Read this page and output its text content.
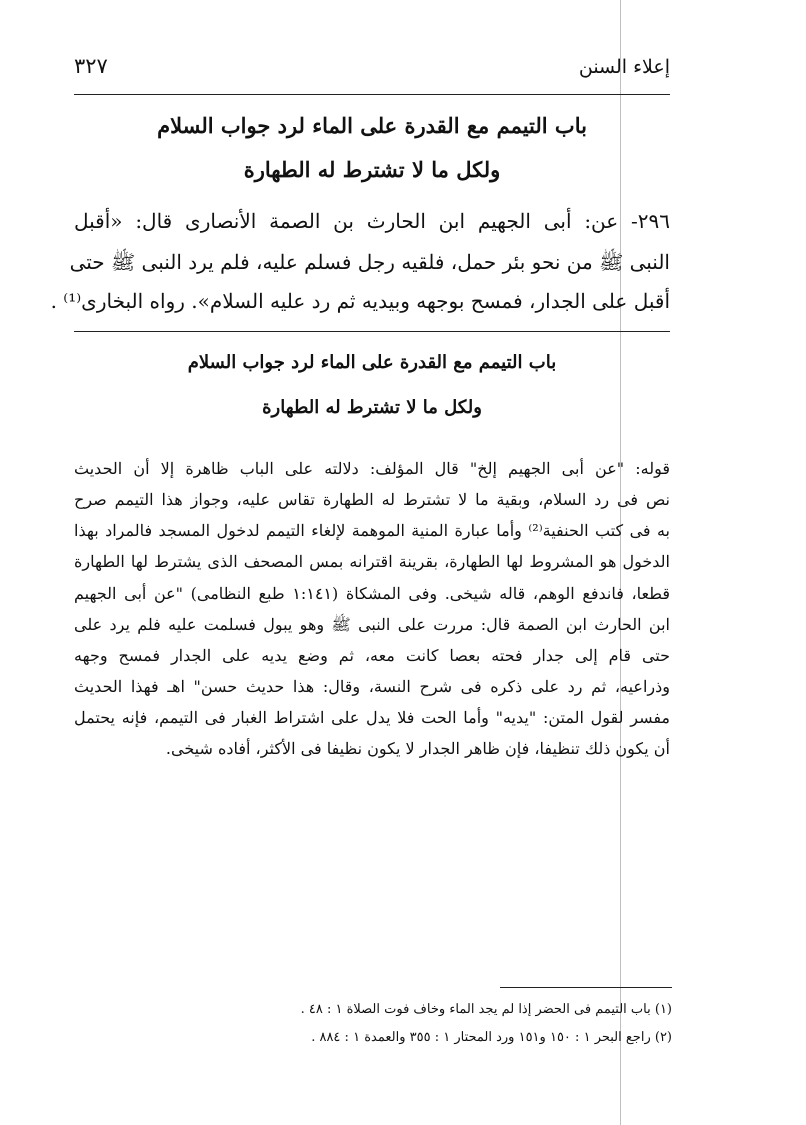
إعلاء السنن
٣٢٧
باب التيمم مع القدرة على الماء لرد جواب السلام
ولكل ما لا تشترط له الطهارة
٢٩٦- عن: أبى الجهيم ابن الحارث بن الصمة الأنصارى قال: «أقبل
النبى ﷺ من نحو بئر حمل، فلقيه رجل فسلم عليه، فلم يرد النبى ﷺ حتى
أقبل على الجدار، فمسح بوجهه وبيديه ثم رد عليه السلام». رواه البخارى⁽¹⁾ .
باب التيمم مع القدرة على الماء لرد جواب السلام
ولكل ما لا تشترط له الطهارة
قوله: "عن أبى الجهيم إلخ" قال المؤلف: دلالته على الباب ظاهرة إلا أن الحديث
نص فى رد السلام، وبقية ما لا تشترط له الطهارة تقاس عليه، وجواز هذا التيمم صرح
به فى كتب الحنفية⁽²⁾ وأما عبارة المنية الموهمة لإلغاء التيمم لدخول المسجد فالمراد بهذا
الدخول هو المشروط لها الطهارة، بقرينة اقترانه بمس المصحف الذى يشترط لها الطهارة
قطعا، فاندفع الوهم، قاله شيخى. وفى المشكاة (١:١٤١ طبع النظامى) "عن أبى الجهيم
ابن الحارث ابن الصمة قال: مررت على النبى ﷺ وهو يبول فسلمت عليه فلم يرد على
حتى قام إلى جدار فحته بعصا كانت معه، ثم وضع يديه على الجدار فمسح وجهه
وذراعيه، ثم رد على ذكره فى شرح النسة، وقال: هذا حديث حسن" اهـ فهذا الحديث
مفسر لقول المتن: "يديه" وأما الحت فلا يدل على اشتراط الغبار فى التيمم، فإنه يحتمل
أن يكون ذلك تنظيفا، فإن ظاهر الجدار لا يكون نظيفا فى الأكثر، أفاده شيخى.
(١) باب التيمم فى الحضر إذا لم يجد الماء وخاف فوت الصلاة ١ : ٤٨ .
(٢) راجع البحر ١ : ١٥٠ و١٥١ ورد المحتار ١ : ٣٥٥ والعمدة ١ : ٨٨٤ .
